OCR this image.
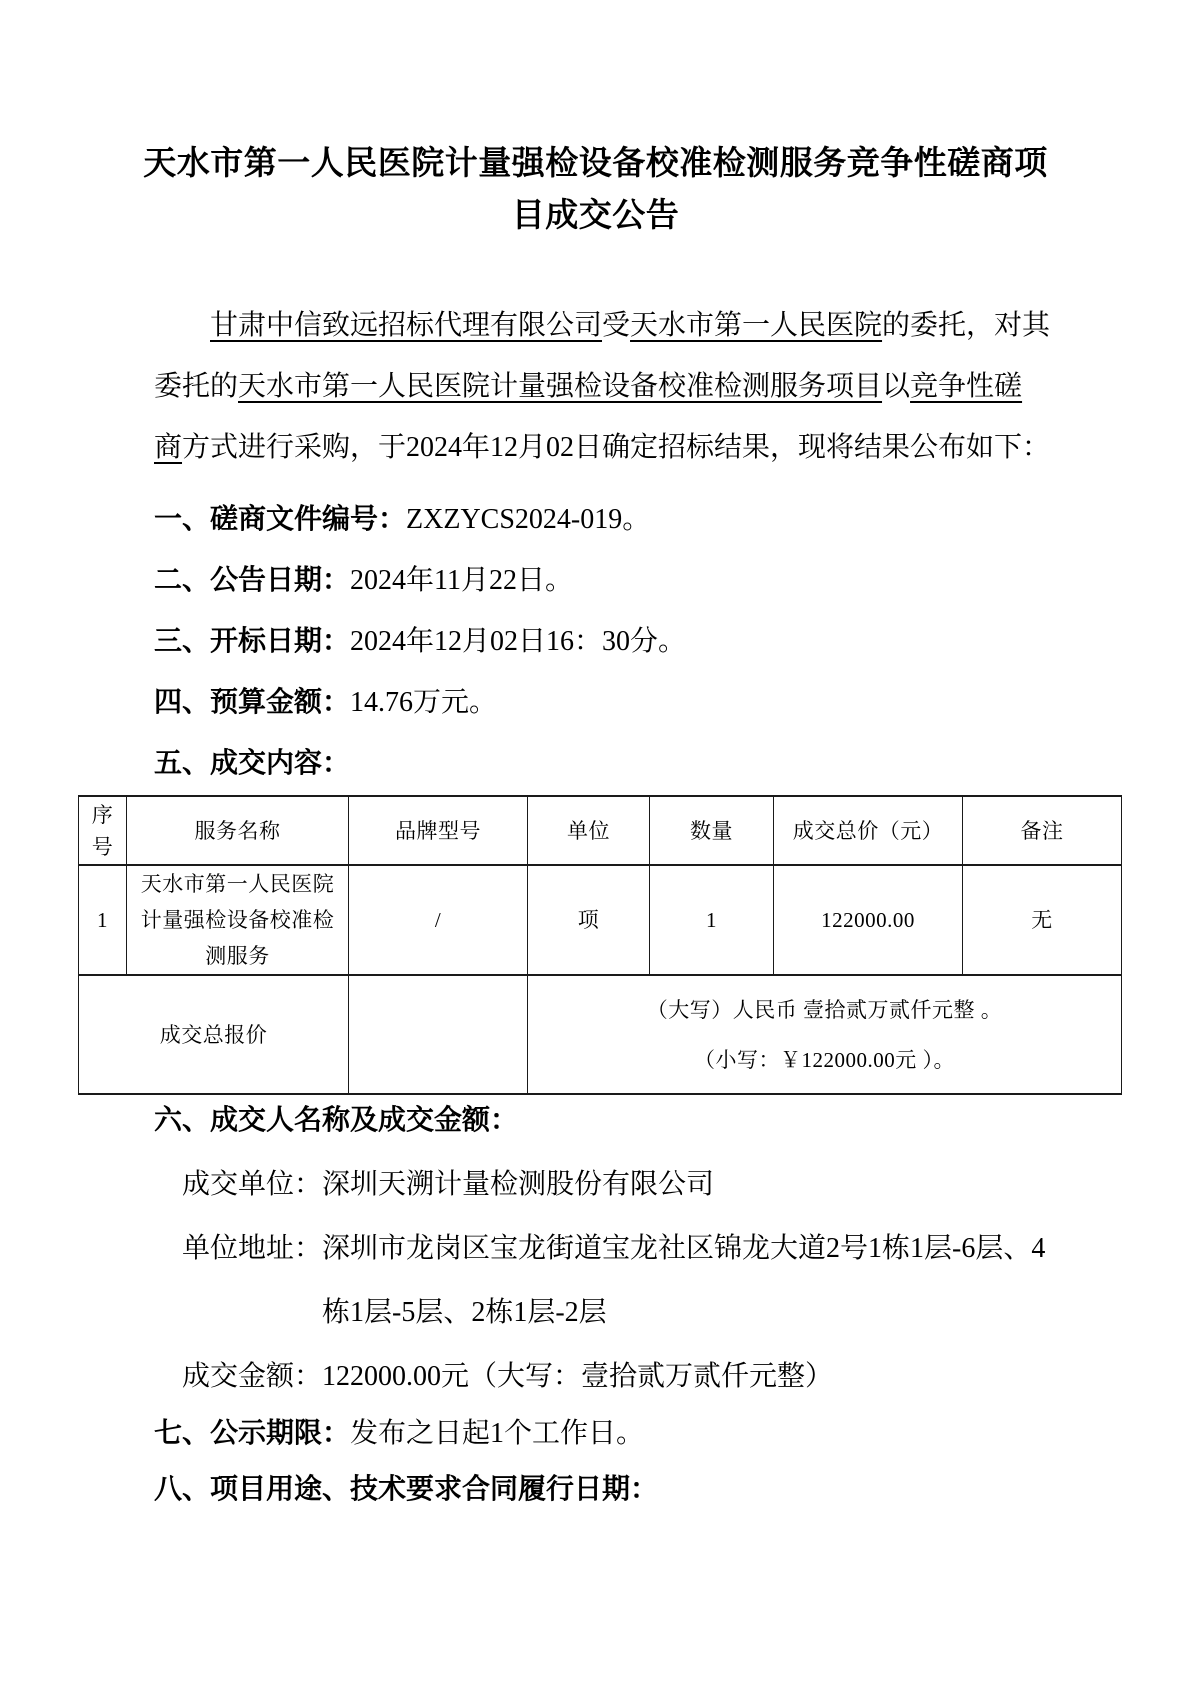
天水市第一人民医院计量强检设备校准检测服务竞争性磋商项
目成交公告
甘肃中信致远招标代理有限公司受天水市第一人民医院的委托，对其
委托的天水市第一人民医院计量强检设备校准检测服务项目以竞争性磋
商方式进行采购，于2024年12月02日确定招标结果，现将结果公布如下：
一、磋商文件编号：ZXZYCS2024-019。
二、公告日期：2024年11月22日。
三、开标日期：2024年12月02日16：30分。
四、预算金额：14.76万元。
五、成交内容：
序号	服务名称	品牌型号	单位	数量	成交总价（元）	备注
1	天水市第一人民医院计量强检设备校准检测服务	/	项	1	122000.00	无
成交总报价			（大写）人民币 壹拾贰万贰仟元整 。
（小写：￥122000.00元 ）。			
六、成交人名称及成交金额：
成交单位：深圳天溯计量检测股份有限公司
单位地址：深圳市龙岗区宝龙街道宝龙社区锦龙大道2号1栋1层-6层、4
栋1层-5层、2栋1层-2层
成交金额：122000.00元（大写：壹拾贰万贰仟元整）
七、公示期限：发布之日起1个工作日。
八、项目用途、技术要求合同履行日期：
